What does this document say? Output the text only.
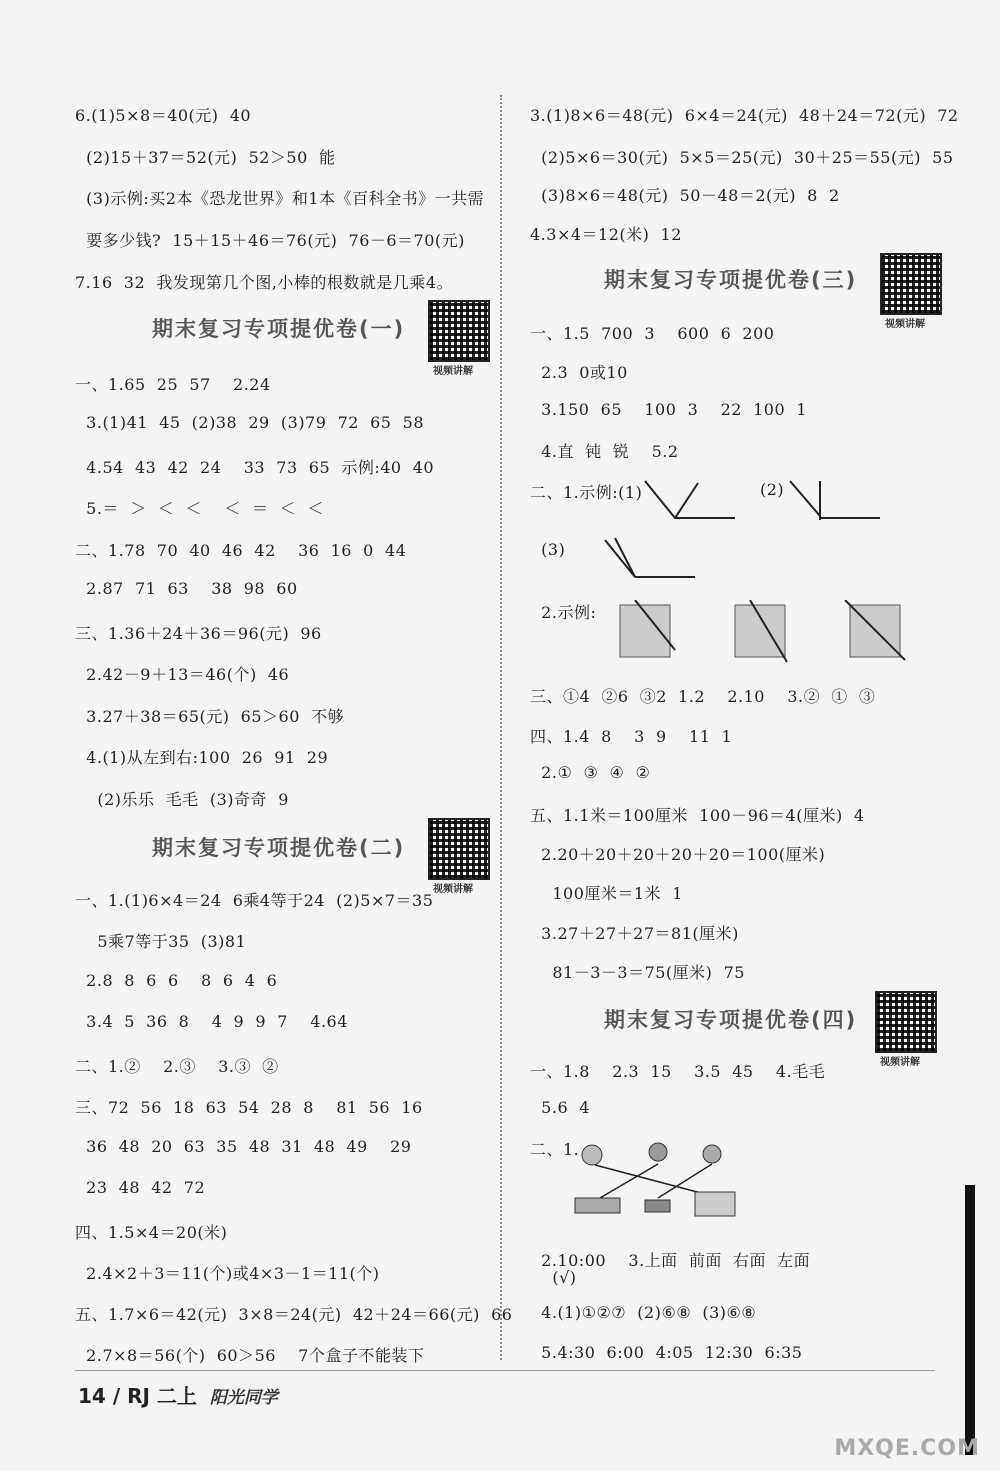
6.(1)5×8＝40(元)  40
(2)15＋37＝52(元)  52＞50  能
(3)示例:买2本《恐龙世界》和1本《百科全书》一共需
要多少钱?  15＋15＋46＝76(元)  76－6＝70(元)
7.16  32  我发现第几个图,小棒的根数就是几乘4。
期末复习专项提优卷(一)
视频讲解
一、1.65  25  57    2.24
3.(1)41  45  (2)38  29  (3)79  72  65  58
4.54  43  42  24    33  73  65  示例:40  40
5.＝  ＞  ＜  ＜    ＜  ＝  ＜  ＜
二、1.78  70  40  46  42    36  16  0  44
2.87  71  63    38  98  60
三、1.36＋24＋36＝96(元)  96
2.42－9＋13＝46(个)  46
3.27＋38＝65(元)  65＞60  不够
4.(1)从左到右:100  26  91  29
(2)乐乐  毛毛  (3)奇奇  9
期末复习专项提优卷(二)
视频讲解
一、1.(1)6×4＝24  6乘4等于24  (2)5×7＝35
5乘7等于35  (3)81
2.8  8  6  6    8  6  4  6
3.4  5  36  8    4  9  9  7    4.64
二、1.②    2.③    3.③  ②
三、72  56  18  63  54  28  8    81  56  16
36  48  20  63  35  48  31  48  49    29
23  48  42  72
四、1.5×4＝20(米)
2.4×2＋3＝11(个)或4×3－1＝11(个)
五、1.7×6＝42(元)  3×8＝24(元)  42＋24＝66(元)  66
2.7×8＝56(个)  60＞56    7个盒子不能装下
3.(1)8×6＝48(元)  6×4＝24(元)  48＋24＝72(元)  72
(2)5×6＝30(元)  5×5＝25(元)  30＋25＝55(元)  55
(3)8×6＝48(元)  50－48＝2(元)  8  2
4.3×4＝12(米)  12
期末复习专项提优卷(三)
视频讲解
一、1.5  700  3    600  6  200
2.3  0或10
3.150  65    100  3    22  100  1
4.直  钝  锐    5.2
二、1.示例:(1)	(2)
(3)
2.示例:
三、①4  ②6  ③2  1.2    2.10    3.②  ①  ③
四、1.4  8    3  9    11  1
2.①  ③  ④  ②
五、1.1米＝100厘米  100－96＝4(厘米)  4
2.20＋20＋20＋20＋20＝100(厘米)
100厘米＝1米  1
3.27＋27＋27＝81(厘米)
81－3－3＝75(厘米)  75
期末复习专项提优卷(四)
视频讲解
一、1.8    2.3  15    3.5  45    4.毛毛
5.6  4
二、1.
2.10:00    3.上面  前面  右面  左面
(√)
4.(1)①②⑦  (2)⑥⑧  (3)⑥⑧
5.4:30  6:00  4:05  12:30  6:35
14 / RJ 二上 阳光同学
MXQE.COM
